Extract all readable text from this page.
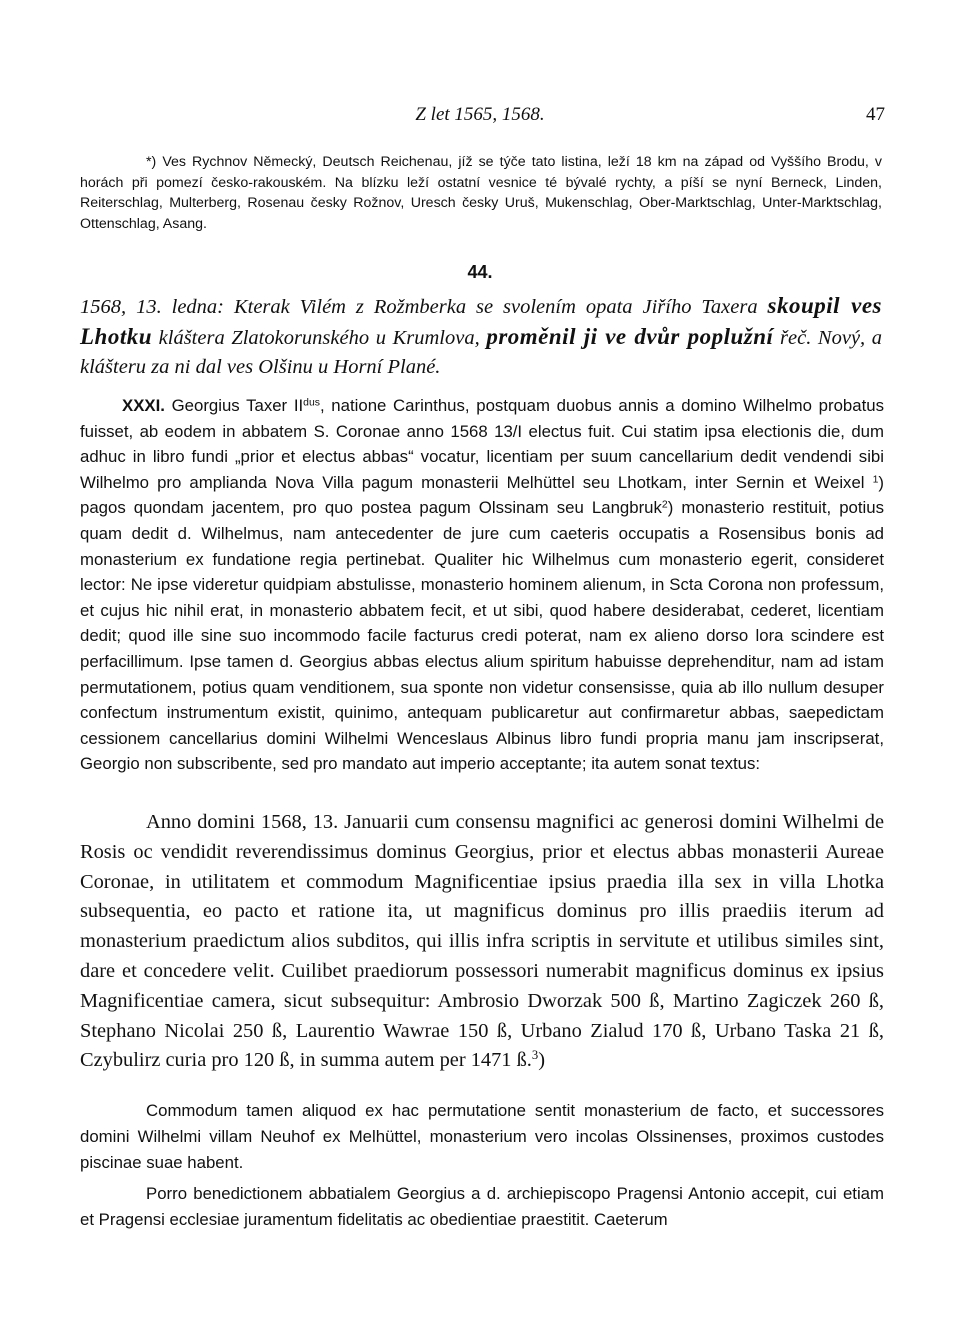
Z let 1565, 1568.	47

*) Ves Rychnov Německý, Deutsch Reichenau, jíž se týče tato listina, leží 18 km na západ od Vyššího Brodu, v horách při pomezí česko-rakouském. Na blízku leží ostatní vesnice té bývalé rychty, a píší se nyní Berneck, Linden, Reiterschlag, Multerberg, Rosenau česky Rožnov, Uresch česky Uruš, Mukenschlag, Ober-Marktschlag, Unter-Marktschlag, Ottenschlag, Asang.

44.
1568, 13. ledna: Kterak Vilém z Rožmberka se svolením opata Jiřího Taxera skoupil ves Lhotku kláštera Zlatokorunského u Krumlova, proměnil ji ve dvůr poplužní řeč. Nový, a klášteru za ni dal ves Olšinu u Horní Plané.

XXXI. Georgius Taxer $II^{dus}$, natione Carinthus, postquam duobus annis a domino Wilhelmo probatus fuisset, ab eodem in abbatem S. Coronae anno 1568 13/I electus fuit. Cui statim ipsa electionis die, dum adhuc in libro fundi „prior et electus abbas“ vocatur, licentiam per suum cancellarium dedit vendendi sibi Wilhelmo pro amplianda Nova Villa pagum monasterii Melhüttel seu Lhotkam, inter Sernin et Weixel $^1$) pagos quondam jacentem, pro quo postea pagum Olssinam seu Langbruk$^2$) monasterio restituit, potius quam dedit d. Wilhelmus, nam antecedenter de jure cum caeteris occupatis a Rosensibus bonis ad monasterium ex fundatione regia pertinebat. Qualiter hic Wilhelmus cum monasterio egerit, consideret lector: Ne ipse videretur quidpiam abstulisse, monasterio hominem alienum, in Scta Corona non professum, et cujus hic nihil erat, in monasterio abbatem fecit, et ut sibi, quod habere desiderabat, cederet, licentiam dedit; quod ille sine suo incommodo facile facturus credi poterat, nam ex alieno dorso lora scindere est perfacillimum. Ipse tamen d. Georgius abbas electus alium spiritum habuisse deprehenditur, nam ad istam permutationem, potius quam venditionem, sua sponte non videtur consensisse, quia ab illo nullum desuper confectum instrumentum existit, quinimo, antequam publicaretur aut confirmaretur abbas, saepedictam cessionem cancellarius domini Wilhelmi Wenceslaus Albinus libro fundi propria manu jam inscripserat, Georgio non subscribente, sed pro mandato aut imperio acceptante; ita autem sonat textus:

Anno domini 1568, 13. Januarii cum consensu magnifici ac generosi domini Wilhelmi de Rosis oc vendidit reverendissimus dominus Georgius, prior et electus abbas monasterii Aureae Coronae, in utilitatem et commodum Magnificentiae ipsius praedia illa sex in villa Lhotka subsequentia, eo pacto et ratione ita, ut magnificus dominus pro illis praediis iterum ad monasterium praedictum alios subditos, qui illis infra scriptis in servitute et utilibus similes sint, dare et concedere velit. Cuilibet praediorum possessori numerabit magnificus dominus ex ipsius Magnificentiae camera, sicut subsequitur: Ambrosio Dworzak 500 ß, Martino Zagiczek 260 ß, Stephano Nicolai 250 ß, Laurentio Wawrae 150 ß, Urbano Zialud 170 ß, Urbano Taska 21 ß, Czybulirz curia pro 120 ß, in summa autem per 1471 ß.$^3$)

Commodum tamen aliquod ex hac permutatione sentit monasterium de facto, et successores domini Wilhelmi villam Neuhof ex Melhüttel, monasterium vero incolas Olssinenses, proximos custodes piscinae suae habent.

Porro benedictionem abbatialem Georgius a d. archiepiscopo Pragensi Antonio accepit, cui etiam et Pragensi ecclesiae juramentum fidelitatis ac obedientiae praestitit. Caeterum
